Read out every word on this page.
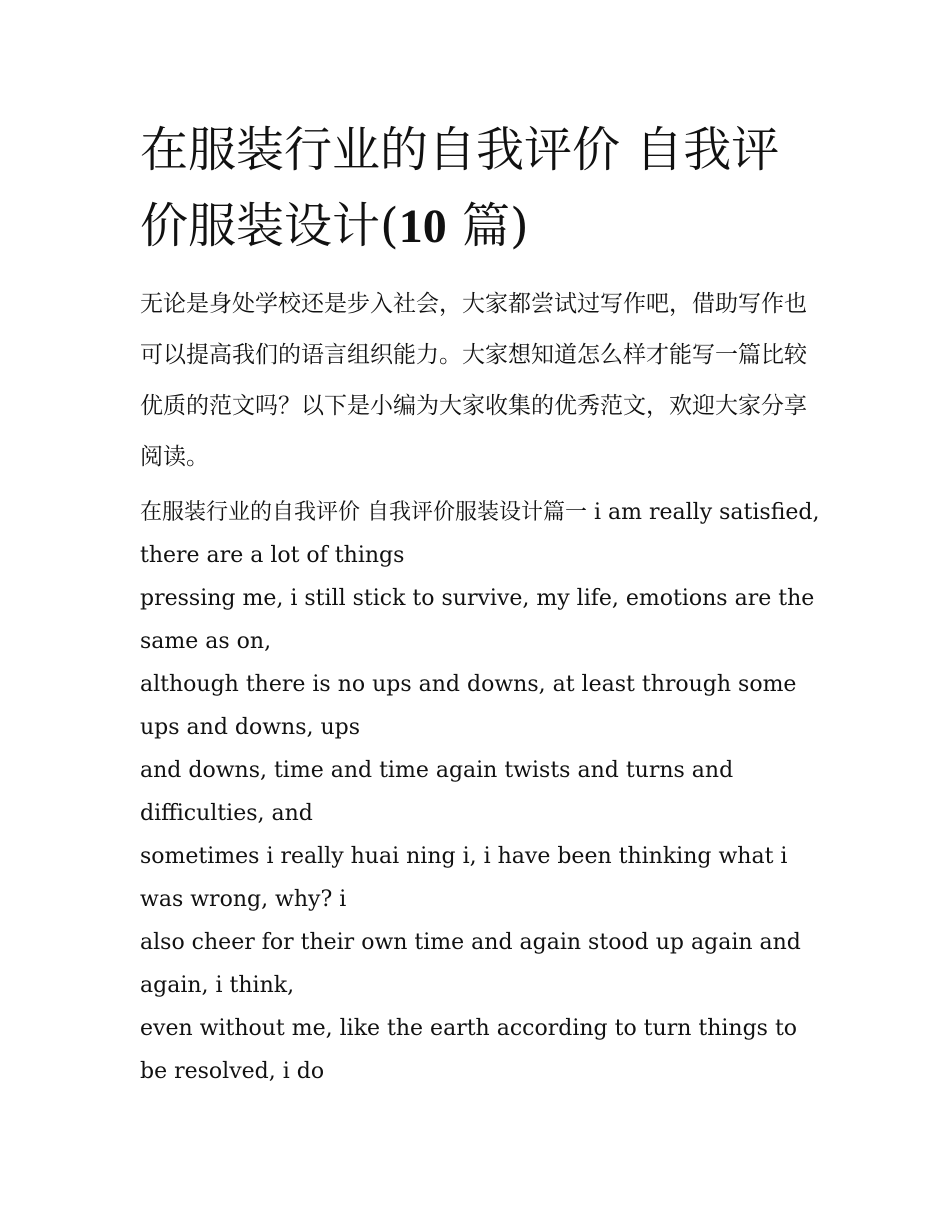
在服装行业的自我评价 自我评价服装设计(10 篇)

无论是身处学校还是步入社会，大家都尝试过写作吧，借助写作也可以提高我们的语言组织能力。大家想知道怎么样才能写一篇比较优质的范文吗？以下是小编为大家收集的优秀范文，欢迎大家分享阅读。

在服装行业的自我评价 自我评价服装设计篇一 i am really satisfied, there are a lot of things
pressing me, i still stick to survive, my life, emotions are the same as on,
although there is no ups and downs, at least through some ups and downs, ups
and downs, time and time again twists and turns and difficulties, and
sometimes i really huai ning i, i have been thinking what i was wrong, why? i
also cheer for their own time and again stood up again and again, i think,
even without me, like the earth according to turn things to be resolved, i do
